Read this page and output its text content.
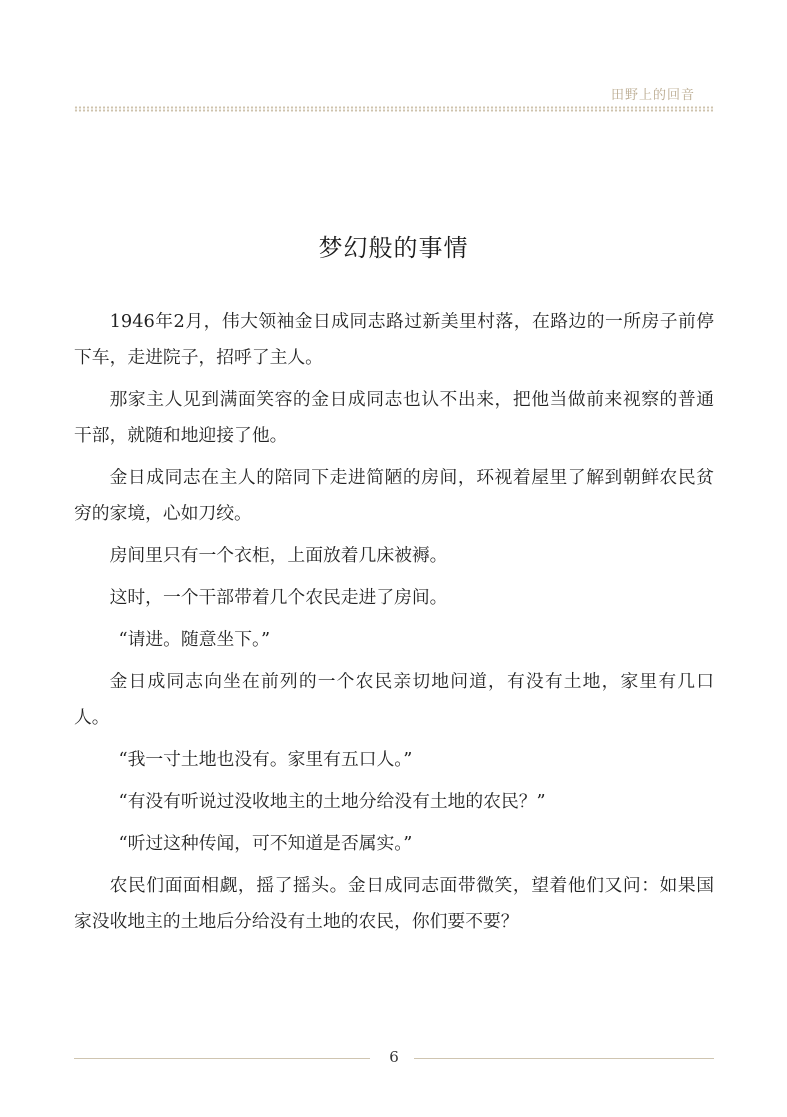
田野上的回音
梦幻般的事情

1946年2月，伟大领袖金日成同志路过新美里村落，在路边的一所房子前停下车，走进院子，招呼了主人。

那家主人见到满面笑容的金日成同志也认不出来，把他当做前来视察的普通干部，就随和地迎接了他。

金日成同志在主人的陪同下走进简陋的房间，环视着屋里了解到朝鲜农民贫穷的家境，心如刀绞。

房间里只有一个衣柜，上面放着几床被褥。

这时，一个干部带着几个农民走进了房间。

“请进。随意坐下。”

金日成同志向坐在前列的一个农民亲切地问道，有没有土地，家里有几口人。

“我一寸土地也没有。家里有五口人。”

“有没有听说过没收地主的土地分给没有土地的农民？”

“听过这种传闻，可不知道是否属实。”

农民们面面相觑，摇了摇头。金日成同志面带微笑，望着他们又问：如果国家没收地主的土地后分给没有土地的农民，你们要不要？

6
